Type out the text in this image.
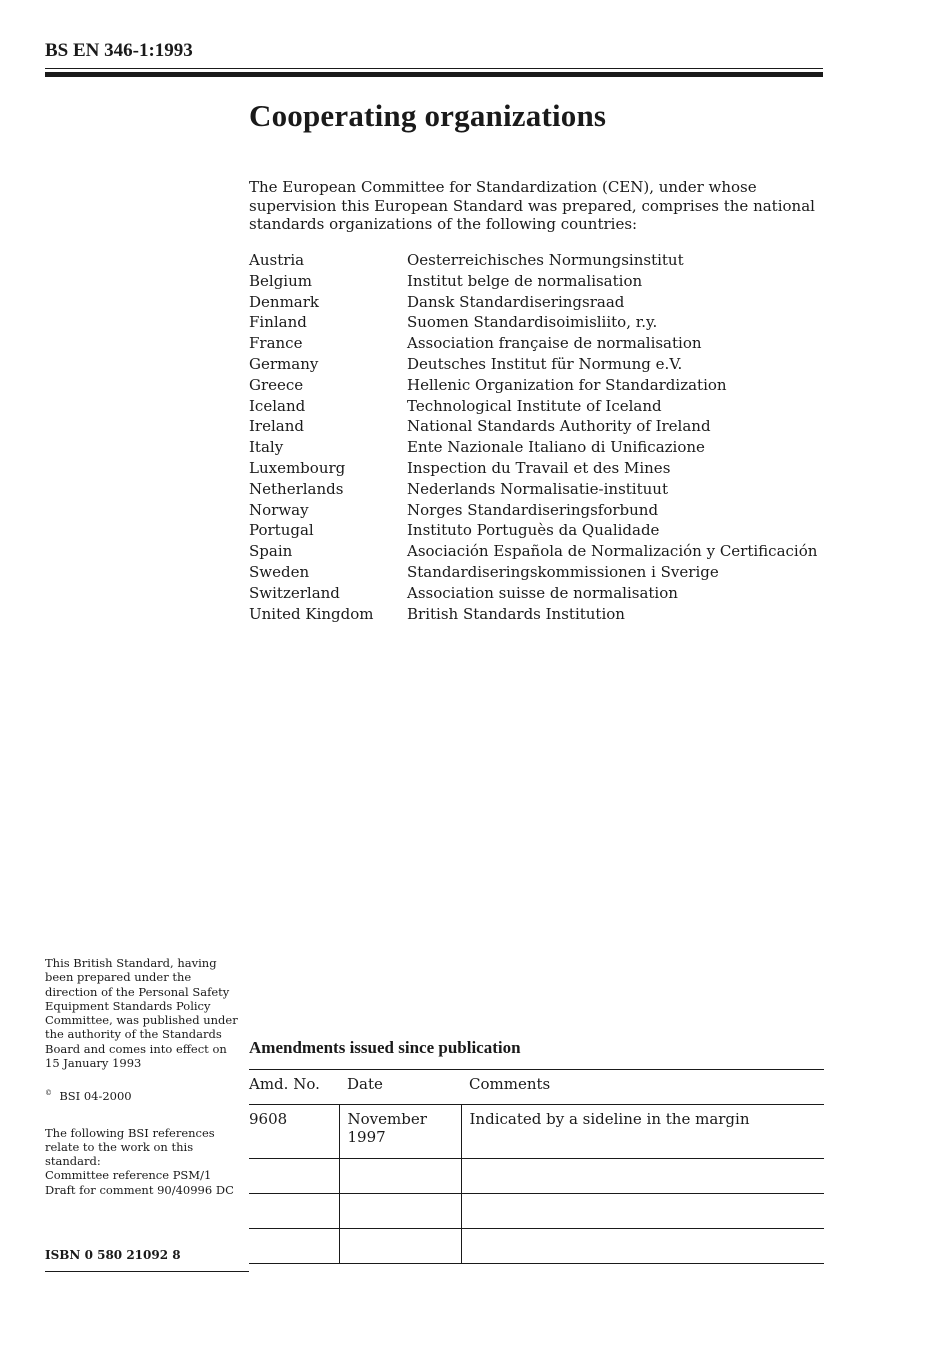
BS EN 346-1:1993
Cooperating organizations
The European Committee for Standardization (CEN), under whose supervision this European Standard was prepared, comprises the national standards organizations of the following countries:
Austria	Oesterreichisches Normungsinstitut
Belgium	Institut belge de normalisation
Denmark	Dansk Standardiseringsraad
Finland	Suomen Standardisoimisliito, r.y.
France	Association française de normalisation
Germany	Deutsches Institut für Normung e.V.
Greece	Hellenic Organization for Standardization
Iceland	Technological Institute of Iceland
Ireland	National Standards Authority of Ireland
Italy	Ente Nazionale Italiano di Unificazione
Luxembourg	Inspection du Travail et des Mines
Netherlands	Nederlands Normalisatie-instituut
Norway	Norges Standardiseringsforbund
Portugal	Instituto Portuguès da Qualidade
Spain	Asociación Española de Normalización y Certificación
Sweden	Standardiseringskommissionen i Sverige
Switzerland	Association suisse de normalisation
United Kingdom	British Standards Institution

This British Standard, having been prepared under the direction of the Personal Safety Equipment Standards Policy Committee, was published under the authority of the Standards Board and comes into effect on

15 January 1993

© BSI 04-2000

The following BSI references relate to the work on this standard:

Committee reference PSM/1

Draft for comment 90/40996 DC

ISBN 0 580 21092 8
Amendments issued since publication
Amd. No.	Date	Comments
9608	November 1997	Indicated by a sideline in the margin
